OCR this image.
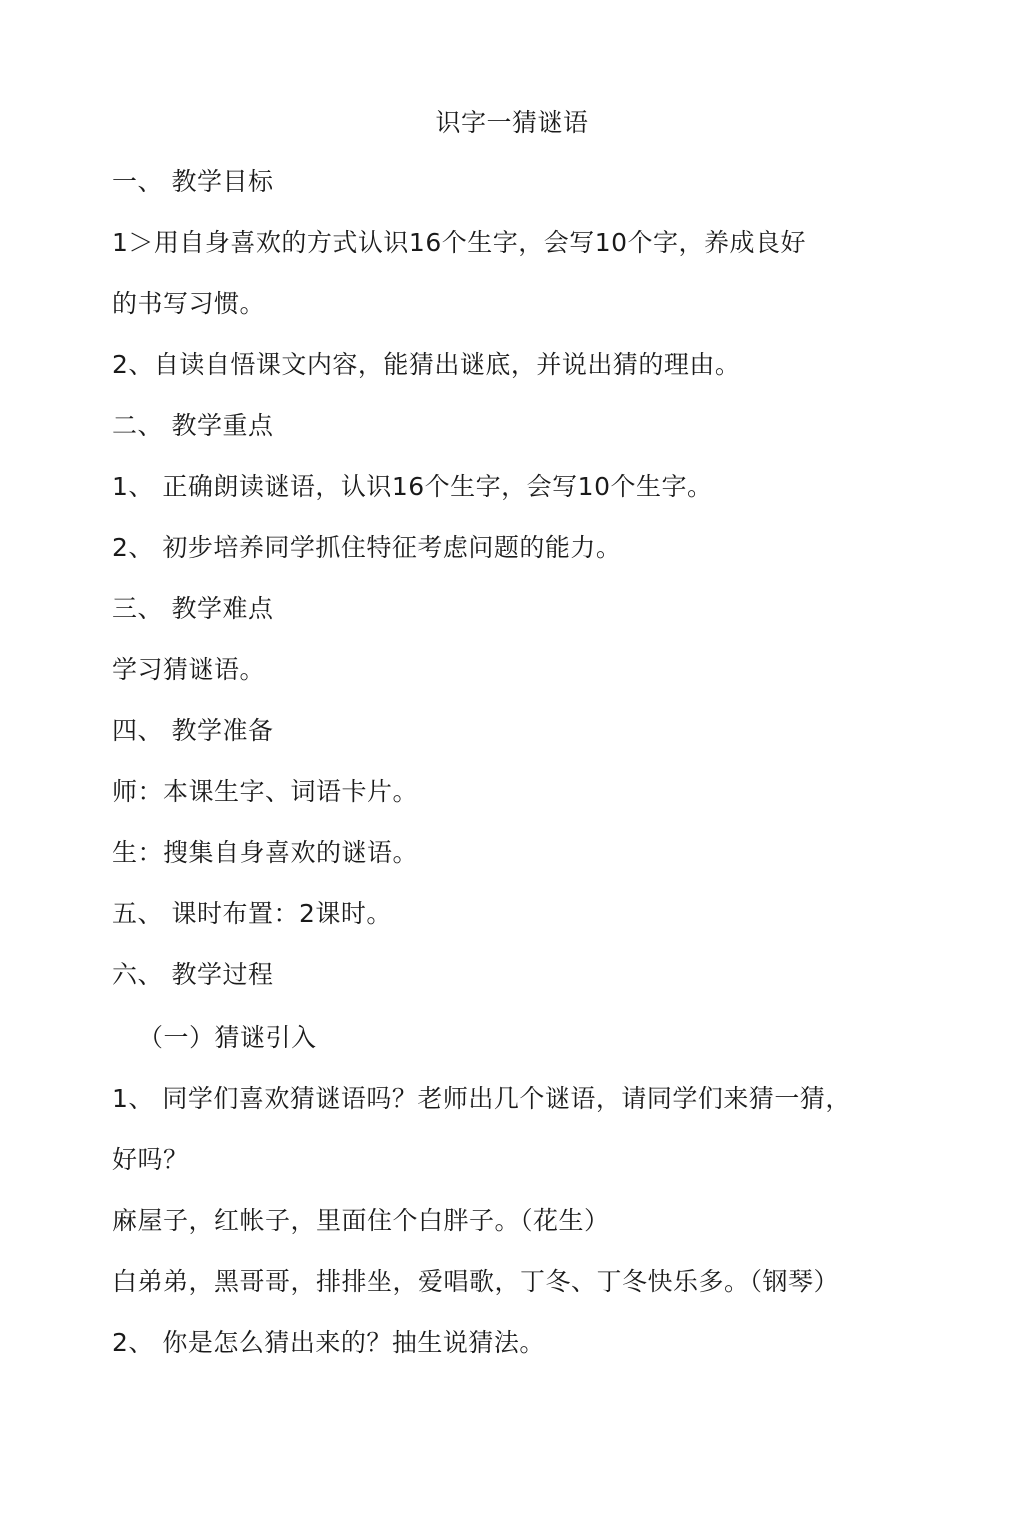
识字一猜谜语
一、 教学目标
1＞用自身喜欢的方式认识16个生字，会写10个字，养成良好
的书写习惯。
2、自读自悟课文内容，能猜出谜底，并说出猜的理由。
二、 教学重点
1、 正确朗读谜语，认识16个生字，会写10个生字。
2、 初步培养同学抓住特征考虑问题的能力。
三、 教学难点
学习猜谜语。
四、 教学准备
师：本课生字、词语卡片。
生：搜集自身喜欢的谜语。
五、 课时布置：2课时。
六、 教学过程
（一）猜谜引入
1、 同学们喜欢猜谜语吗？老师出几个谜语，请同学们来猜一猜，
好吗？
麻屋子，红帐子，里面住个白胖子。（花生）
白弟弟，黑哥哥，排排坐，爱唱歌，丁冬、丁冬快乐多。（钢琴）
2、 你是怎么猜出来的？抽生说猜法。
